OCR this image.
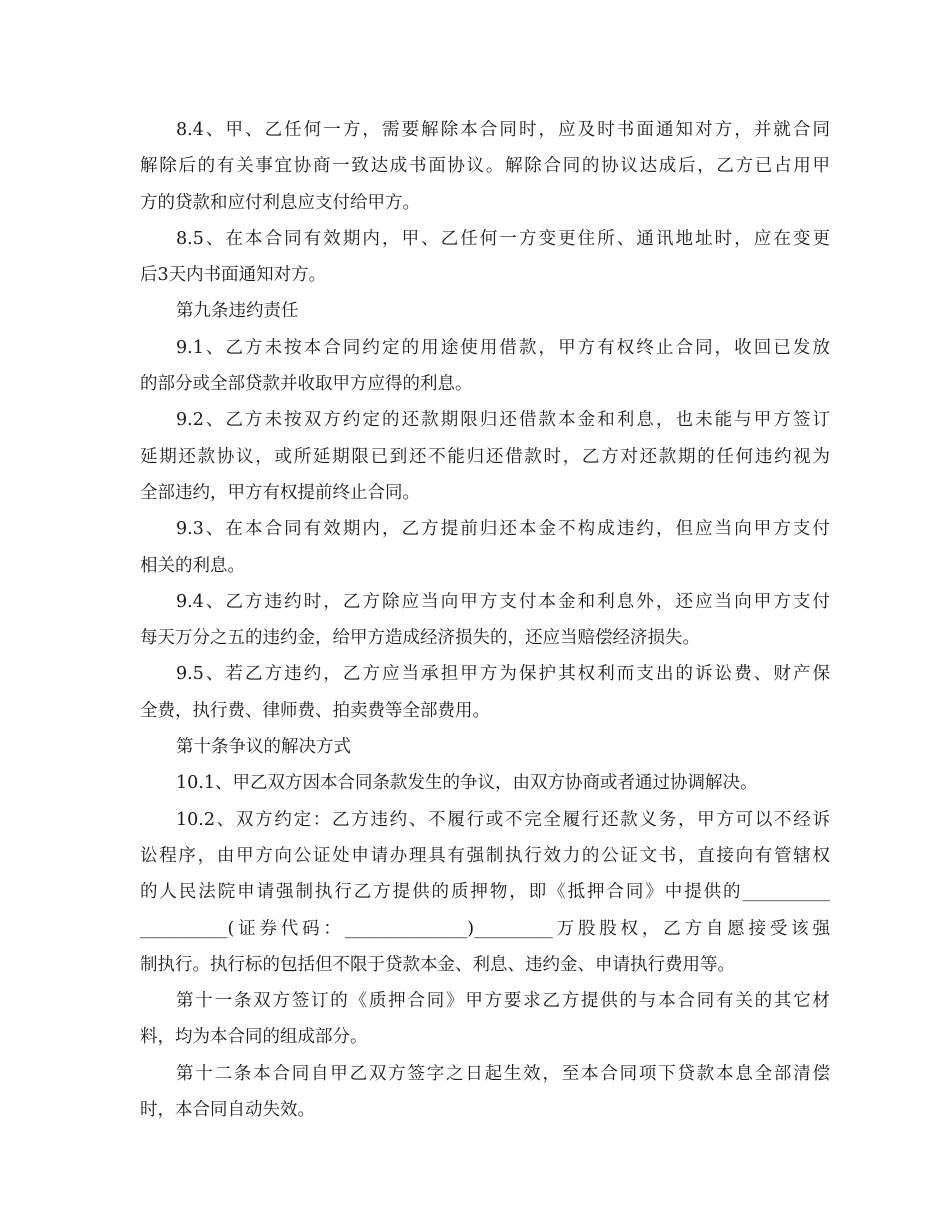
8.4、甲、乙任何一方，需要解除本合同时，应及时书面通知对方，并就合同
解除后的有关事宜协商一致达成书面协议。解除合同的协议达成后，乙方已占用甲
方的贷款和应付利息应支付给甲方。
8.5、在本合同有效期内，甲、乙任何一方变更住所、通讯地址时，应在变更
后3天内书面通知对方。
第九条违约责任
9.1、乙方未按本合同约定的用途使用借款，甲方有权终止合同，收回已发放
的部分或全部贷款并收取甲方应得的利息。
9.2、乙方未按双方约定的还款期限归还借款本金和利息，也未能与甲方签订
延期还款协议，或所延期限已到还不能归还借款时，乙方对还款期的任何违约视为
全部违约，甲方有权提前终止合同。
9.3、在本合同有效期内，乙方提前归还本金不构成违约，但应当向甲方支付
相关的利息。
9.4、乙方违约时，乙方除应当向甲方支付本金和利息外，还应当向甲方支付
每天万分之五的违约金，给甲方造成经济损失的，还应当赔偿经济损失。
9.5、若乙方违约，乙方应当承担甲方为保护其权利而支出的诉讼费、财产保
全费，执行费、律师费、拍卖费等全部费用。
第十条争议的解决方式
10.1、甲乙双方因本合同条款发生的争议，由双方协商或者通过协调解决。
10.2、双方约定：乙方违约、不履行或不完全履行还款义务，甲方可以不经诉
讼程序，由甲方向公证处申请办理具有强制执行效力的公证文书，直接向有管辖权
的人民法院申请强制执行乙方提供的质押物，即《抵押合同》中提供的__________
__________(证券代码：______________)_________万股股权，乙方自愿接受该强
制执行。执行标的包括但不限于贷款本金、利息、违约金、申请执行费用等。
第十一条双方签订的《质押合同》甲方要求乙方提供的与本合同有关的其它材
料，均为本合同的组成部分。
第十二条本合同自甲乙双方签字之日起生效，至本合同项下贷款本息全部清偿
时，本合同自动失效。
